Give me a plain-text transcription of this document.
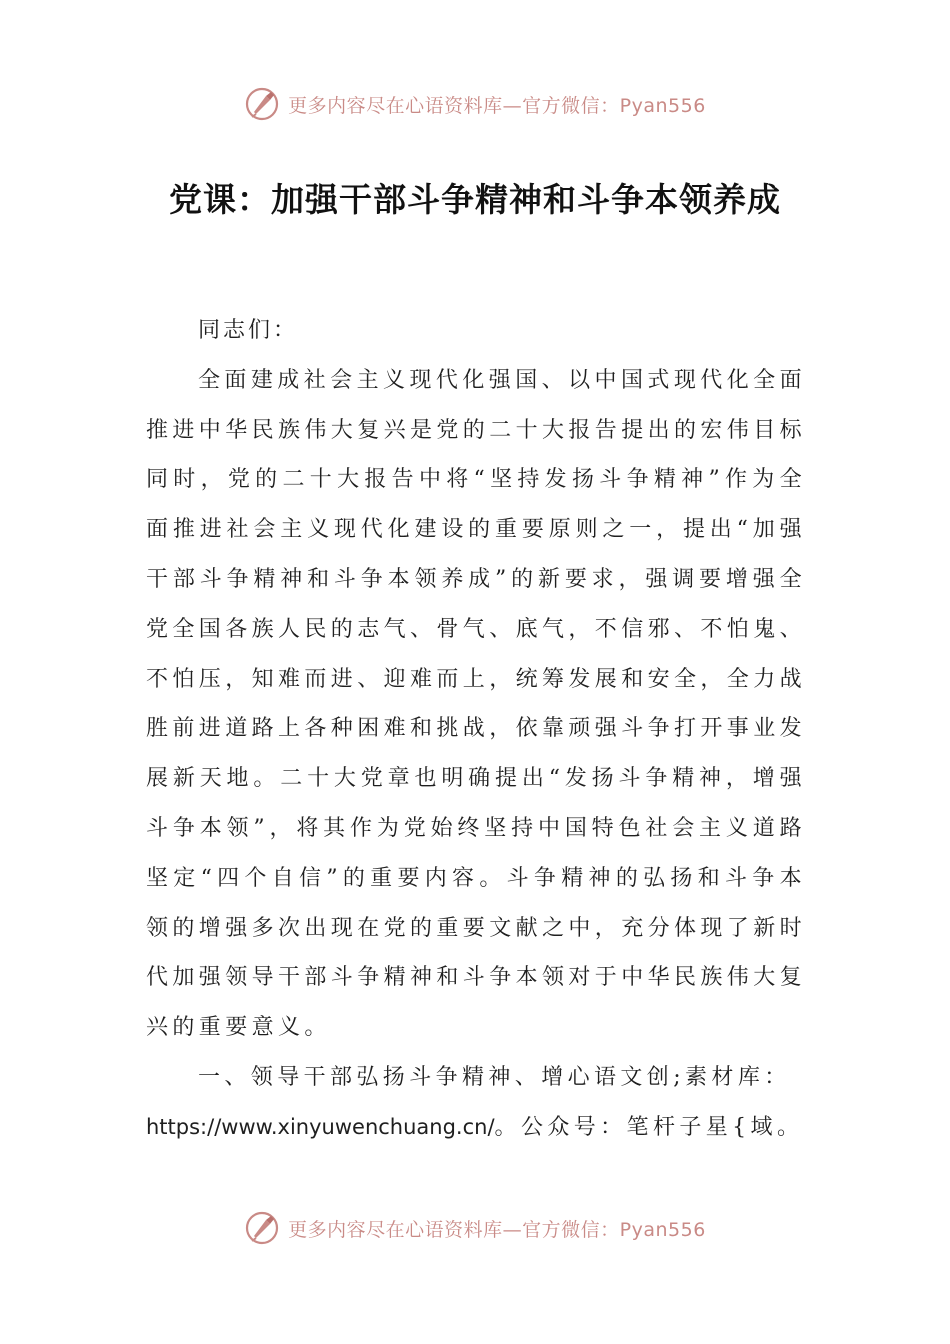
更多内容尽在心语资料库—官方微信：Pyan556
党课：加强干部斗争精神和斗争本领养成

同志们：

全面建成社会主义现代化强国、以中国式现代化全面推进中华民族伟大复兴是党的二十大报告提出的宏伟目标同时，党的二十大报告中将“坚持发扬斗争精神”作为全面推进社会主义现代化建设的重要原则之一，提出“加强干部斗争精神和斗争本领养成”的新要求，强调要增强全党全国各族人民的志气、骨气、底气，不信邪、不怕鬼、不怕压，知难而进、迎难而上，统筹发展和安全，全力战胜前进道路上各种困难和挑战，依靠顽强斗争打开事业发展新天地。二十大党章也明确提出“发扬斗争精神，增强斗争本领”，将其作为党始终坚持中国特色社会主义道路坚定“四个自信”的重要内容。斗争精神的弘扬和斗争本领的增强多次出现在党的重要文献之中，充分体现了新时代加强领导干部斗争精神和斗争本领对于中华民族伟大复兴的重要意义。

一、领导干部弘扬斗争精神、增心语文创;素材库：

https://www.xinyuwenchuang.cn/。公众号：笔杆子星{域。

更多内容尽在心语资料库—官方微信：Pyan556
